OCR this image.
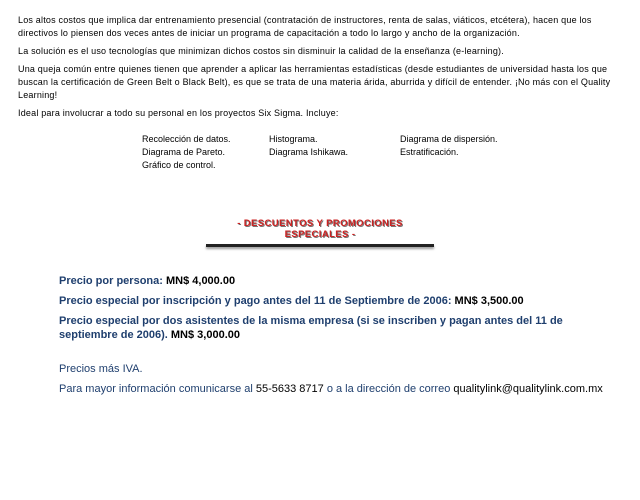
Los altos costos que implica dar entrenamiento presencial (contratación de instructores, renta de salas, viáticos, etcétera), hacen que los directivos lo piensen dos veces antes de iniciar un programa de capacitación a todo lo largo y ancho de la organización.

La solución es el uso tecnologías que minimizan dichos costos sin disminuir la calidad de la enseñanza (e-learning).

Una queja común entre quienes tienen que aprender a aplicar las herramientas estadísticas (desde estudiantes de universidad hasta los que buscan la certificación de Green Belt o Black Belt), es que se trata de una materia árida, aburrida y difícil de entender. ¡No más con el Quality Learning!

Ideal para involucrar a todo su personal en los proyectos Six Sigma. Incluye:

Recolección de datos.	Histograma.	Diagrama de dispersión.
Diagrama de Pareto.	Diagrama Ishikawa.	Estratificación.
Gráfico de control.
- DESCUENTOS Y PROMOCIONES ESPECIALES -

Precio por persona: MN$ 4,000.00

Precio especial por inscripción y pago antes del 11 de Septiembre de 2006: MN$ 3,500.00

Precio especial por dos asistentes de la misma empresa (si se inscriben y pagan antes del 11 de septiembre de 2006). MN$ 3,000.00

Precios más IVA.

Para mayor información comunicarse al 55-5633 8717 o a la dirección de correo qualitylink@qualitylink.com.mx
